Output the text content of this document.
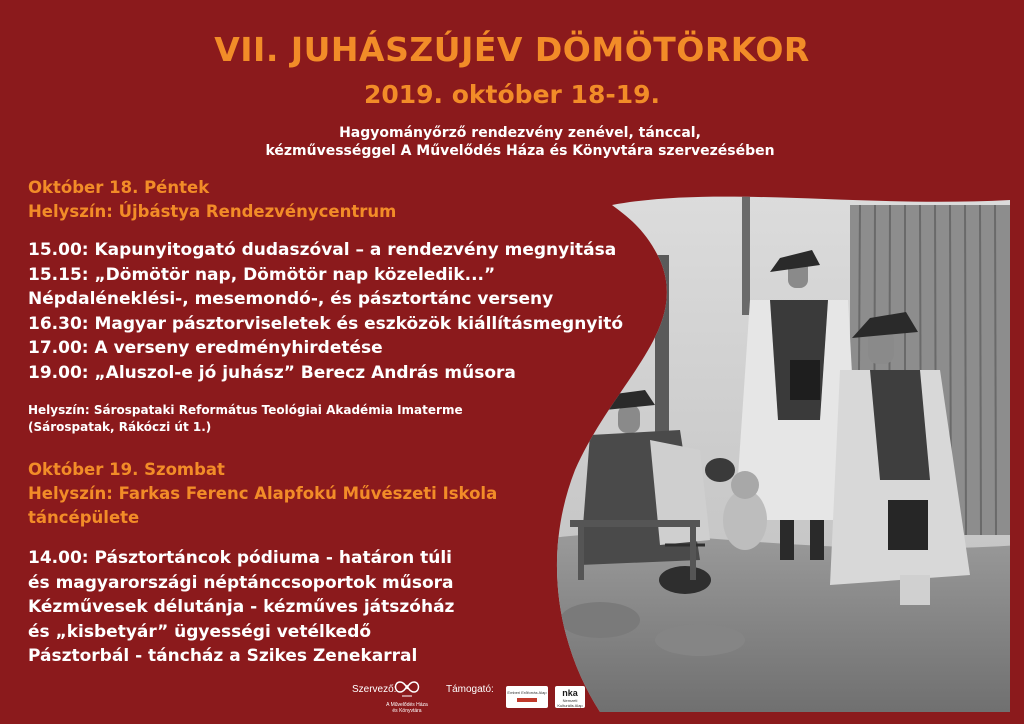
VII. JUHÁSZÚJÉV DÖMÖTÖRKOR
2019. október 18-19.
Hagyományőrző rendezvény zenével, tánccal,
kézművességgel A Művelődés Háza és Könyvtára szervezésében
Október 18. Péntek
Helyszín: Újbástya Rendezvénycentrum
15.00: Kapunyitogató dudaszóval – a rendezvény megnyitása
15.15: „Dömötör nap, Dömötör nap közeledik...”
Népdaléneklési-, mesemondó-, és pásztortánc verseny
16.30: Magyar pásztorviseletek és eszközök kiállításmegnyitó
17.00: A verseny eredményhirdetése
19.00: „Aluszol-e jó juhász” Berecz András műsora
Helyszín: Sárospataki Református Teológiai Akadémia Imaterme
(Sárospatak, Rákóczi út 1.)
Október 19. Szombat
Helyszín: Farkas Ferenc Alapfokú Művészeti Iskola
táncépülete
14.00: Pásztortáncok pódiuma - határon túli
és magyarországi néptánccsoportok műsora
Kézművesek délutánja - kézműves játszóház
és „kisbetyár” ügyességi vetélkedő
Pásztorbál - táncház a Szikes Zenekarral
Szervező:
A Művelődés Háza
és Könyvtára
Támogató:	Emberi Erőforrás Alap	nka
Nemzeti Kulturális Alap
